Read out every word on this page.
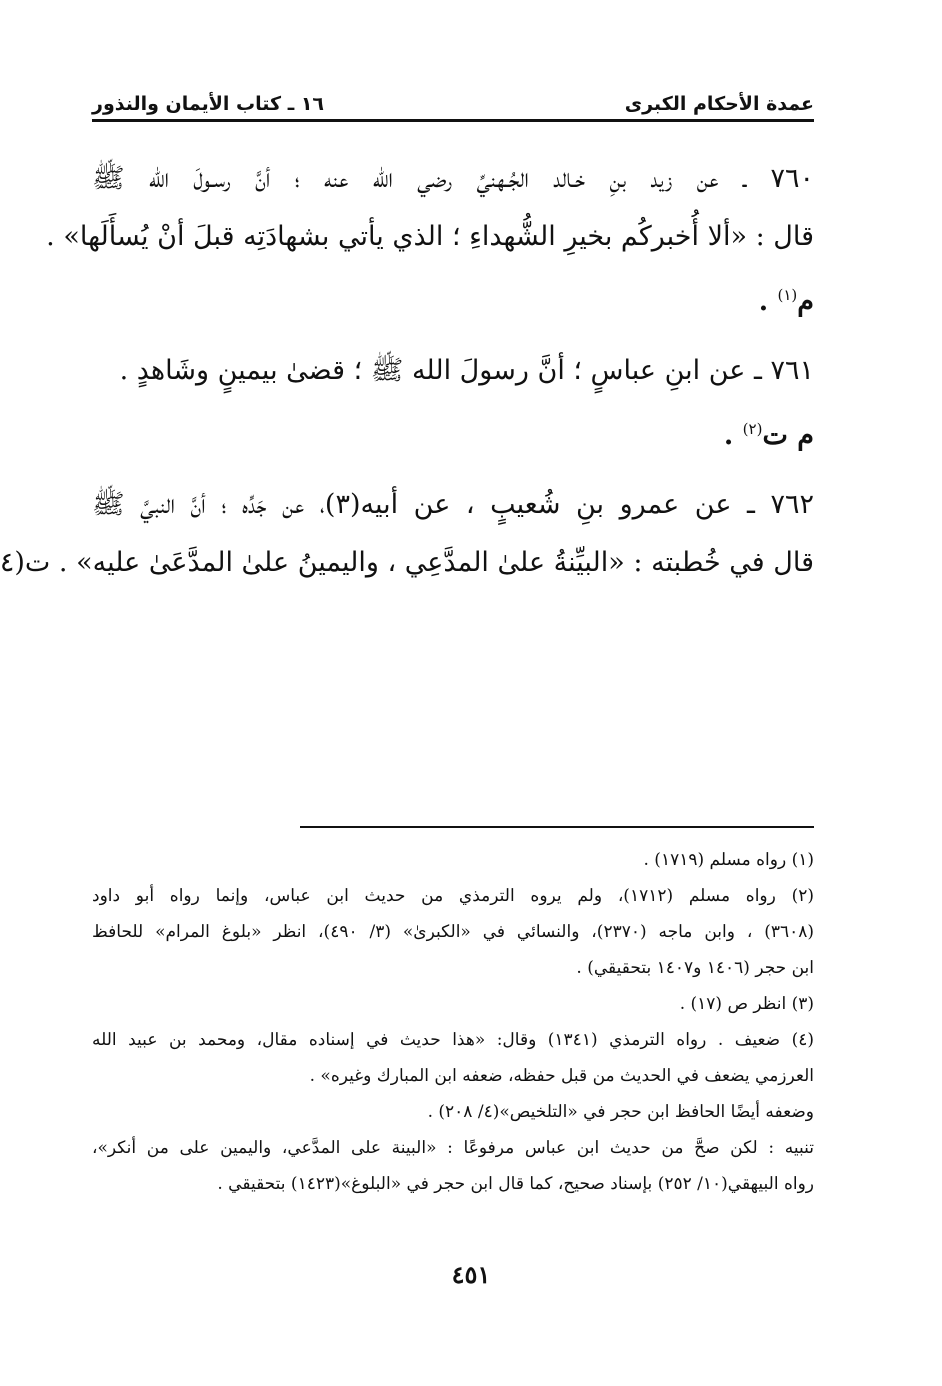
عمدة الأحكام الكبرى
١٦ ـ كتاب الأيمان والنذور
٧٦٠ ـ عن زيد بنِ خـالد الجُـهنيِّ رضي الله عنه ؛ أنَّ رسـولَ الله ﷺ
قال : «ألا أُخبركُم بخيرِ الشُّهداءِ ؛ الذي يأتي بشهادَتِه قبلَ أنْ يُسأَلَها» .
م$^{(١)}$ .
٧٦١ ـ عن ابنِ عباسٍ ؛ أنَّ رسولَ الله ﷺ ؛ قضىٰ بيمينٍ وشَاهدٍ .
م ت$^{(٢)}$ .
٧٦٢ ـ عن عمرو بنِ شُعيبٍ ، عن أبيه(٣)، عن جَدِّه ؛ أنَّ النبيَّ ﷺ
قال في خُطبته : «البيِّنةُ علىٰ المدَّعِي ، واليمينُ علىٰ المدَّعَىٰ عليه» . ت(٤
(١) رواه مسلم (١٧١٩) .
(٢) رواه مسلم (١٧١٢)، ولم يروه الترمذي من حديث ابن عباس، وإنما رواه أبو داود
(٣٦٠٨) ، وابن ماجه (٢٣٧٠)، والنسائي في «الكبرىٰ» (٣/ ٤٩٠)، انظر «بلوغ المرام» للحافظ
ابن حجر (١٤٠٦ و١٤٠٧ بتحقيقي) .
(٣) انظر ص (١٧) .
(٤) ضعيف . رواه الترمذي (١٣٤١) وقال: «هذا حديث في إسناده مقال، ومحمد بن عبيد الله
العرزمي يضعف في الحديث من قبل حفظه، ضعفه ابن المبارك وغيره» .
وضعفه أيضًا الحافظ ابن حجر في «التلخيص»(٤/ ٢٠٨) .
تنبيه : لكن صحَّ من حديث ابن عباس مرفوعًا : «البينة على المدَّعي، واليمين على من أنكر»،
رواه البيهقي(١٠/ ٢٥٢) بإسناد صحيح، كما قال ابن حجر في «البلوغ»(١٤٢٣) بتحقيقي .
٤٥١
